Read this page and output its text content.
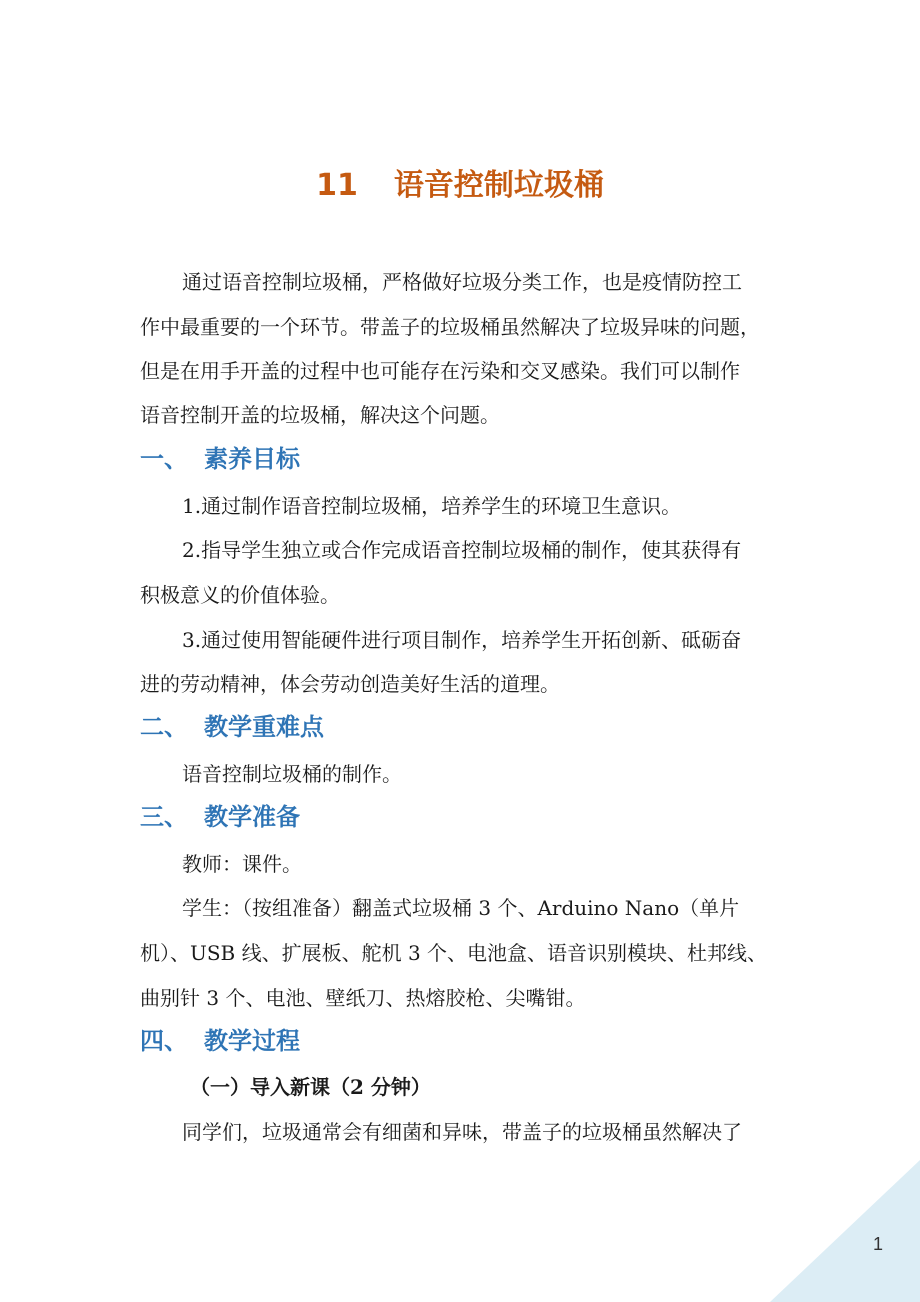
11 语音控制垃圾桶
通过语音控制垃圾桶，严格做好垃圾分类工作，也是疫情防控工
作中最重要的一个环节。带盖子的垃圾桶虽然解决了垃圾异味的问题，
但是在用手开盖的过程中也可能存在污染和交叉感染。我们可以制作
语音控制开盖的垃圾桶，解决这个问题。
一、 素养目标
1.通过制作语音控制垃圾桶，培养学生的环境卫生意识。
2.指导学生独立或合作完成语音控制垃圾桶的制作，使其获得有
积极意义的价值体验。
3.通过使用智能硬件进行项目制作，培养学生开拓创新、砥砺奋
进的劳动精神，体会劳动创造美好生活的道理。
二、 教学重难点
语音控制垃圾桶的制作。
三、 教学准备
教师：课件。
学生：（按组准备）翻盖式垃圾桶 3 个、Arduino Nano（单片
机）、USB 线、扩展板、舵机 3 个、电池盒、语音识别模块、杜邦线、
曲别针 3 个、电池、壁纸刀、热熔胶枪、尖嘴钳。
四、 教学过程
（一）导入新课（2 分钟）
同学们，垃圾通常会有细菌和异味，带盖子的垃圾桶虽然解决了
1
